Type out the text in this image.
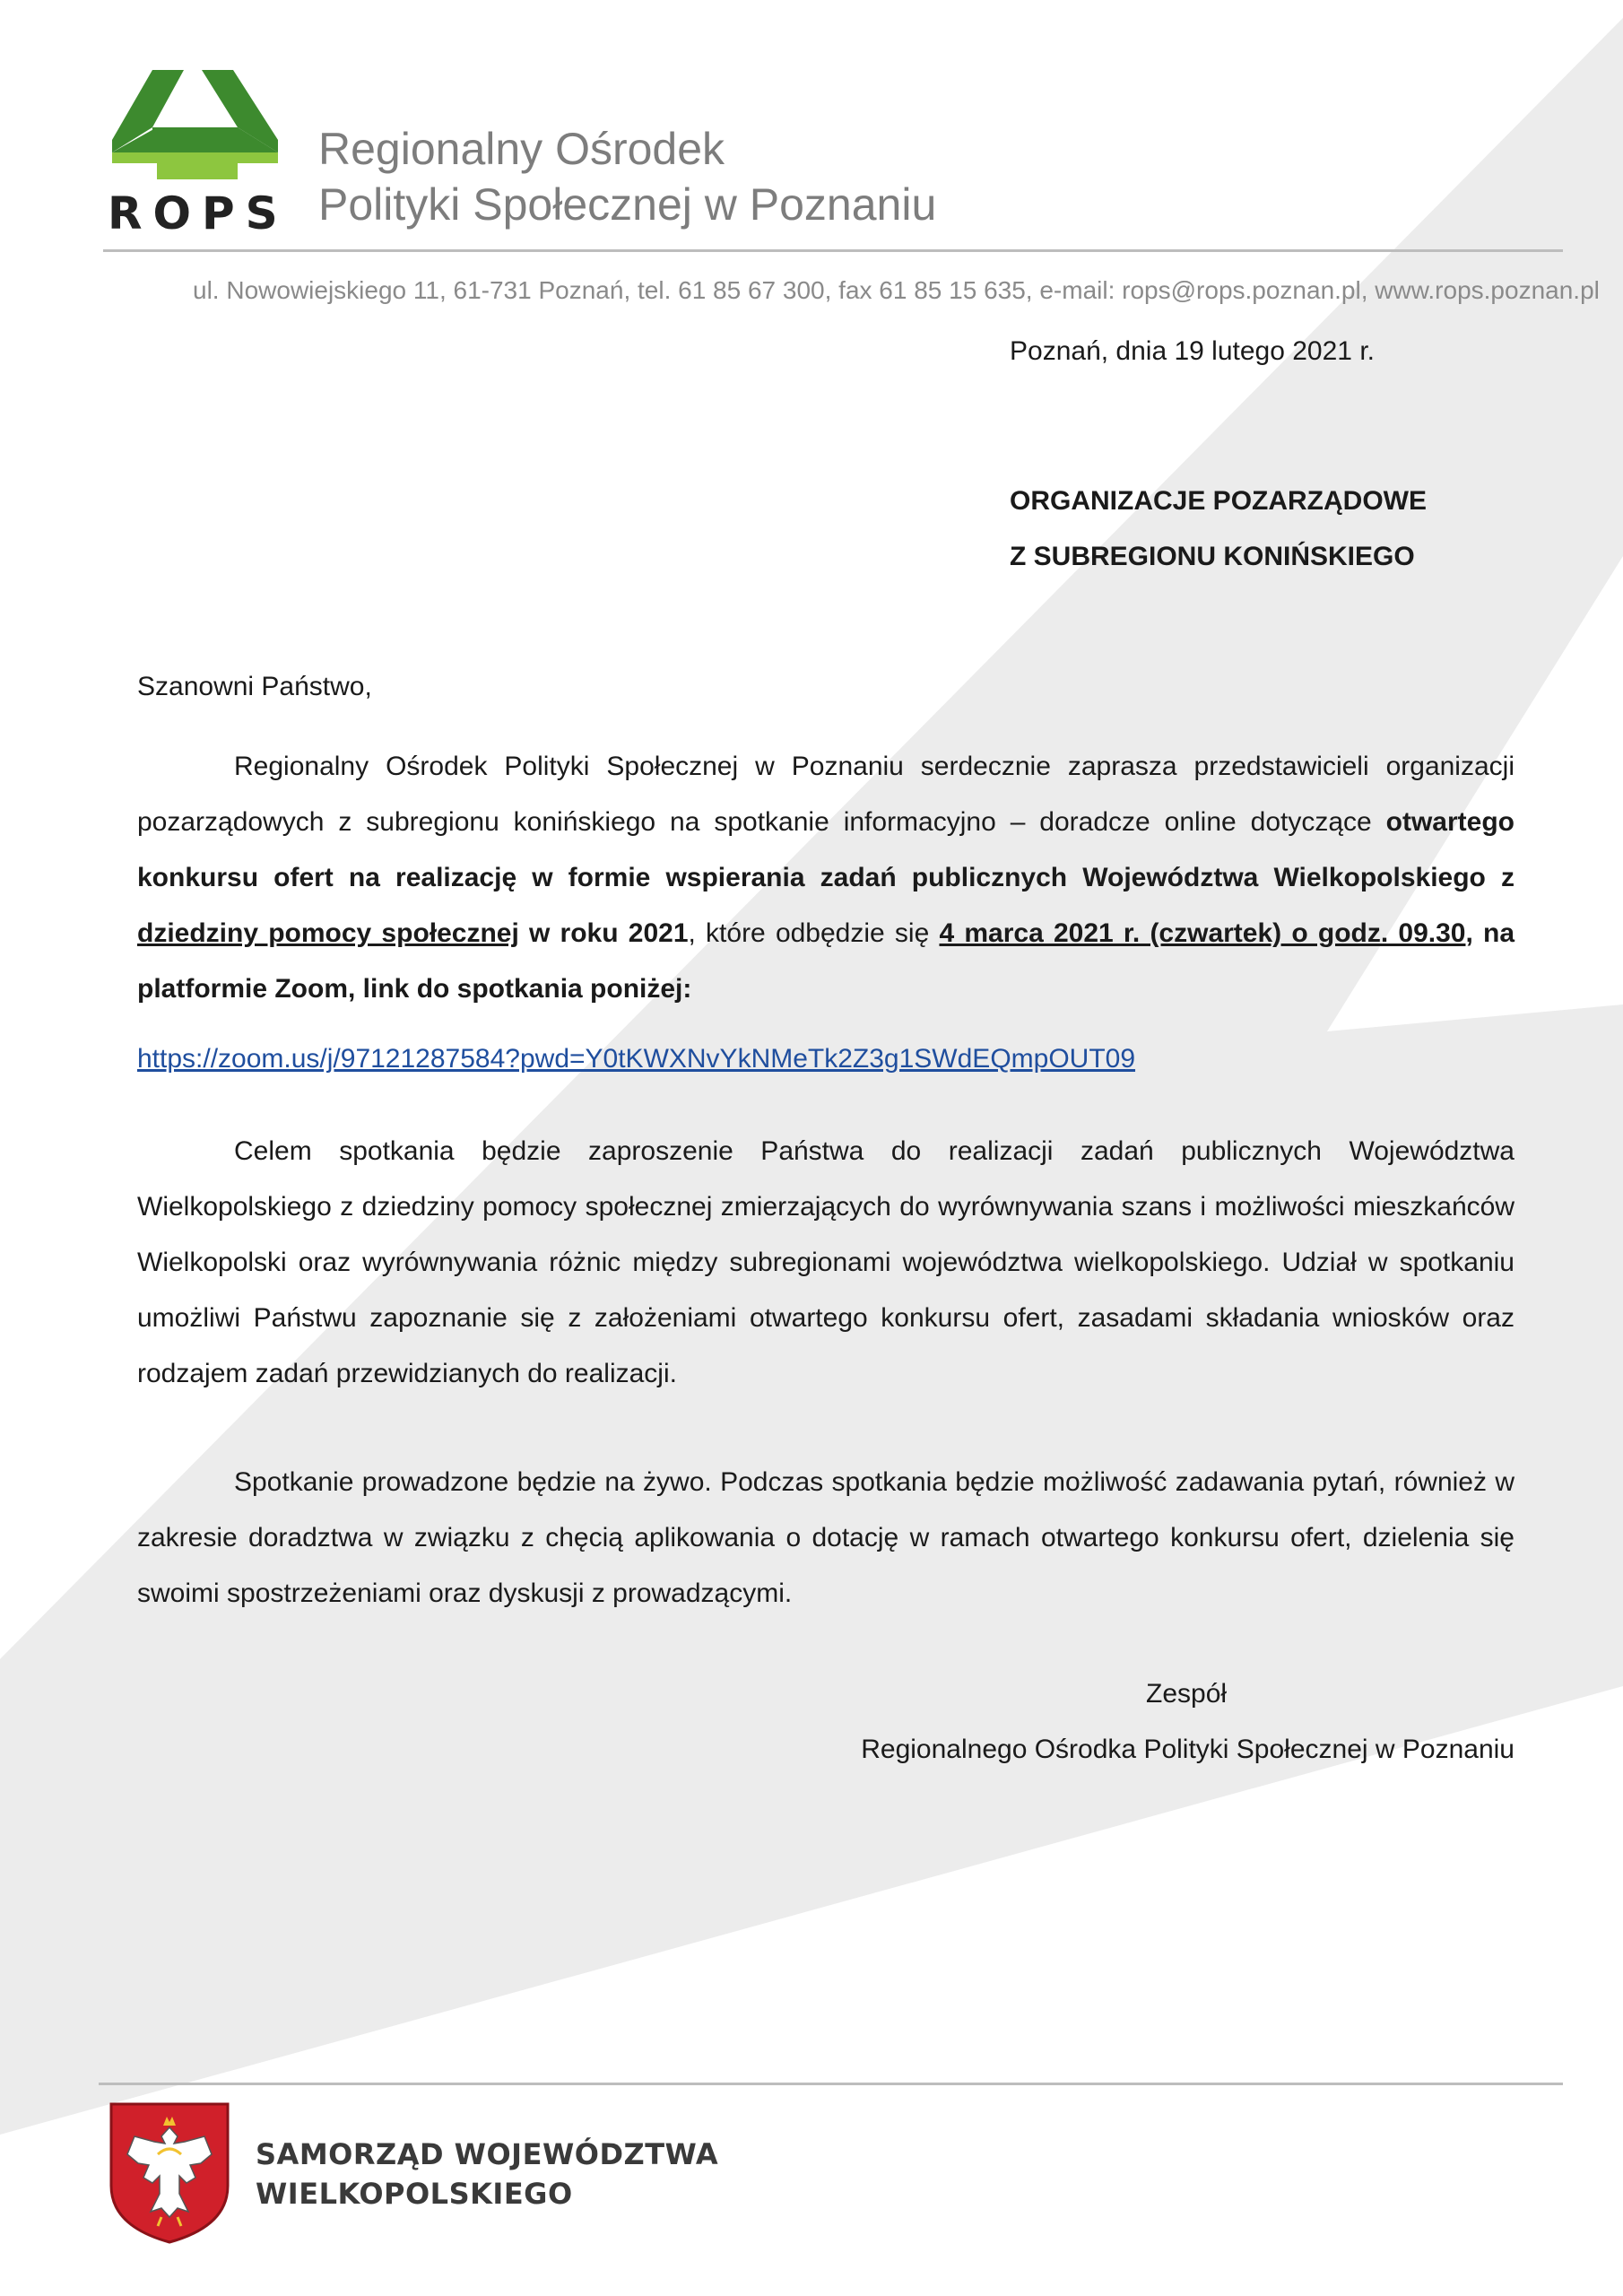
ROPS
Regionalny Ośrodek
Polityki Społecznej w Poznaniu
ul. Nowowiejskiego 11, 61-731 Poznań, tel. 61 85 67 300, fax 61 85 15 635, e-mail: rops@rops.poznan.pl, www.rops.poznan.pl
Poznań, dnia 19 lutego 2021 r.
ORGANIZACJE POZARZĄDOWE
Z SUBREGIONU KONIŃSKIEGO
Szanowni Państwo,
Regionalny Ośrodek Polityki Społecznej w Poznaniu serdecznie zaprasza przedstawicieli organizacji pozarządowych z subregionu konińskiego na spotkanie informacyjno – doradcze online dotyczące otwartego konkursu ofert na realizację w formie wspierania zadań publicznych Województwa Wielkopolskiego z dziedziny pomocy społecznej w roku 2021, które odbędzie się 4 marca 2021 r. (czwartek) o godz. 09.30, na platformie Zoom, link do spotkania poniżej:
https://zoom.us/j/97121287584?pwd=Y0tKWXNvYkNMeTk2Z3g1SWdEQmpOUT09
Celem spotkania będzie zaproszenie Państwa do realizacji zadań publicznych Województwa Wielkopolskiego z dziedziny pomocy społecznej zmierzających do wyrównywania szans i możliwości mieszkańców Wielkopolski oraz wyrównywania różnic między subregionami województwa wielkopolskiego. Udział w spotkaniu umożliwi Państwu zapoznanie się z założeniami otwartego konkursu ofert, zasadami składania wniosków oraz rodzajem zadań przewidzianych do realizacji.
Spotkanie prowadzone będzie na żywo. Podczas spotkania będzie możliwość zadawania pytań, również w zakresie doradztwa w związku z chęcią aplikowania o dotację w ramach otwartego konkursu ofert, dzielenia się swoimi spostrzeżeniami oraz dyskusji z prowadzącymi.
Zespół
Regionalnego Ośrodka Polityki Społecznej w Poznaniu
SAMORZĄD WOJEWÓDZTWA
WIELKOPOLSKIEGO
